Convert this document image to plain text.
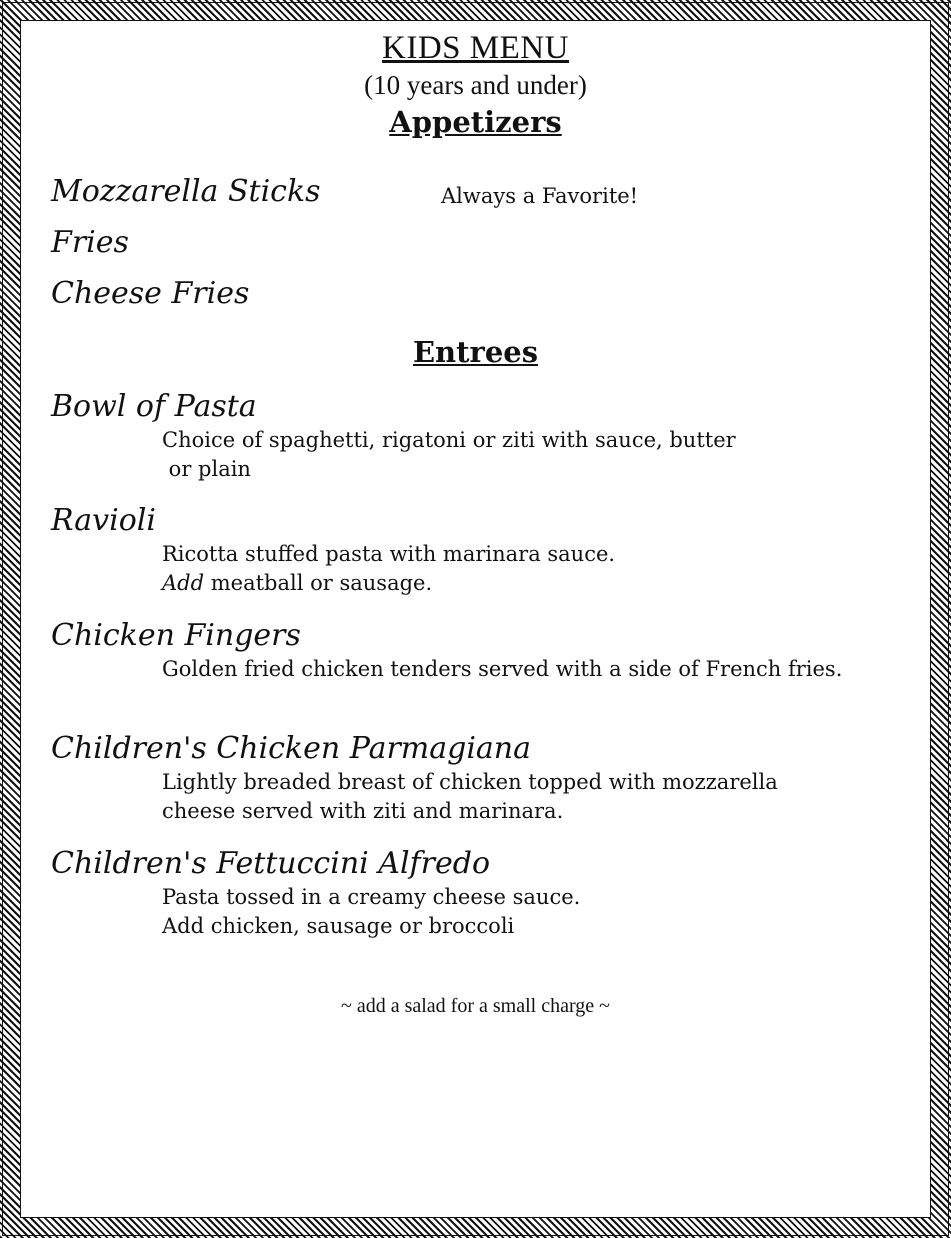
KIDS MENU
(10 years and under)
Appetizers
Mozzarella Sticks	Always a Favorite!
Fries
Cheese Fries
Entrees
Bowl of Pasta
Choice of spaghetti, rigatoni or ziti with sauce, butter
or plain
Ravioli
Ricotta stuffed pasta with marinara sauce.
Add meatball or sausage.
Chicken Fingers
Golden fried chicken tenders served with a side of French fries.
Children's Chicken Parmagiana
Lightly breaded breast of chicken topped with mozzarella
cheese served with ziti and marinara.
Children's Fettuccini Alfredo
Pasta tossed in a creamy cheese sauce.
Add chicken, sausage or broccoli
~ add a salad for a small charge ~
